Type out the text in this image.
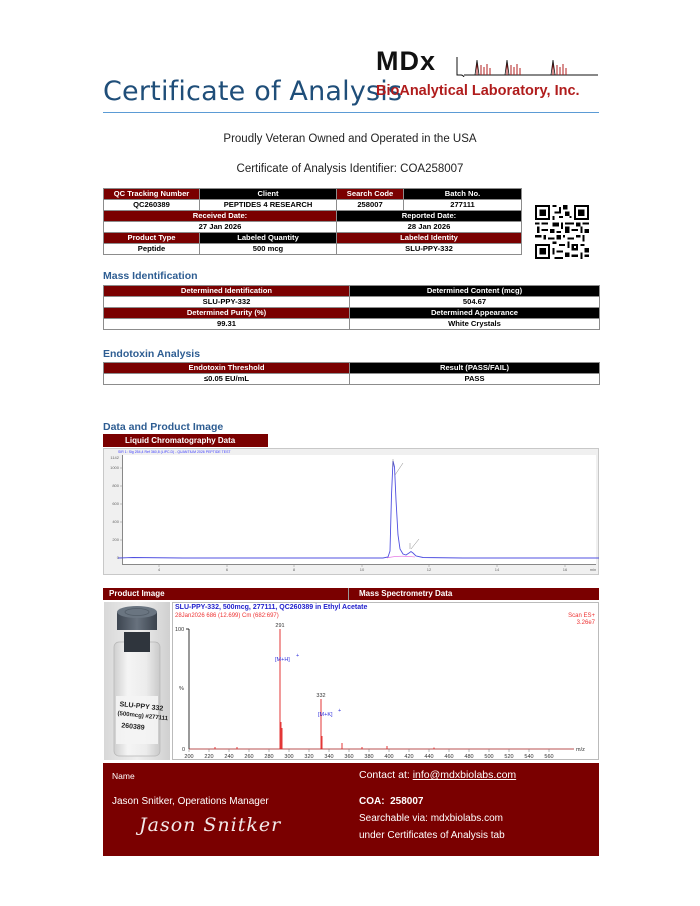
MDx
Certificate of Analysis
BioAnalytical Laboratory, Inc.
Proudly Veteran Owned and Operated in the USA
Certificate of Analysis Identifier: COA258007
QC Tracking Number	Client	Search Code	Batch No.
QC260389	PEPTIDES 4 RESEARCH	258007	277111
Received Date:		Reported Date:	
27 Jan 2026		28 Jan 2026	
Product Type	Labeled Quantity	Labeled Identity	
Peptide	500 mcg	SLU-PPY-332	
Mass Identification
Determined Identification	Determined Content (mcg)
SLU-PPY-332	504.67
Determined Purity (%)	Determined Appearance
99.31	White Crystals
Endotoxin Analysis
Endotoxin Threshold	Result (PASS/FAIL)
≤0.05 EU/mL	PASS
Data and Product Image
Liquid Chromatography Data
SIR 1: Sig 254,4 Ref 360,8 (LIPC.D) - QUANTIUM 2026 PEPTIDE TEST
1142
1000
800
600
400
200
0
4	6	8	10	12	14	16	min
Product Image	Mass Spectrometry Data
SLU-PPY 332
(500mcg) #277111
260389
SLU-PPY-332, 500mcg, 277111, QC260389 in Ethyl Acetate
28Jan2026 686 (12.699) Cm (682:697)	Scan ES+
3.26e7
100
%
0
200 220 240 260 280 300 320 340 360 380 400 420 440 460 480 500 520 540 560
m/z
291
332
[M+H]
+
[M+K]
+
Name
Jason Snitker, Operations Manager
Jason Snitker
Contact at: info@mdxbiolabs.com
COA: 258007
Searchable via: mdxbiolabs.com
under Certificates of Analysis tab
